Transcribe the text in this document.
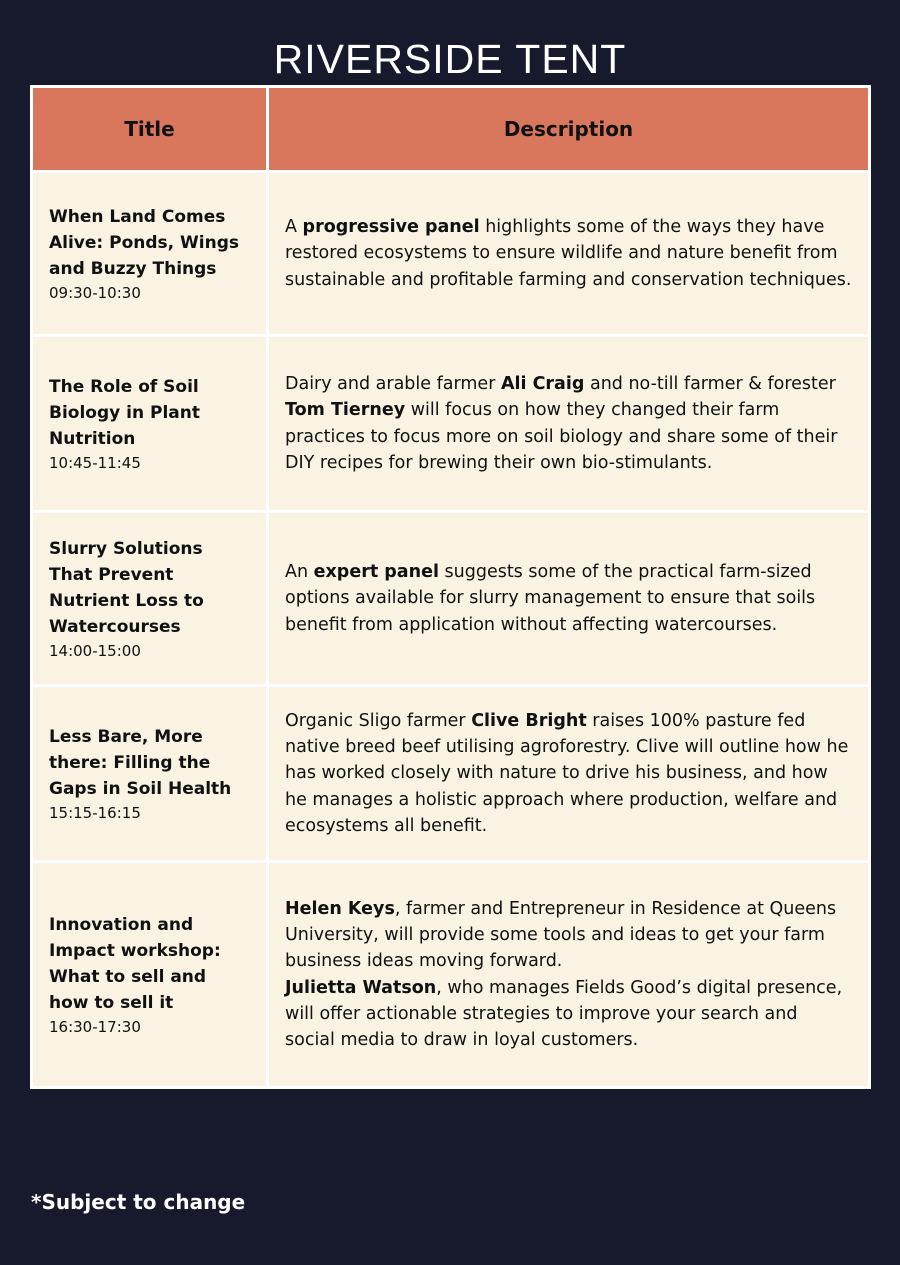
RIVERSIDE TENT
Title	Description

When Land Comes Alive: Ponds, Wings and Buzzy Things
09:30-10:30	A progressive panel highlights some of the ways they have restored ecosystems to ensure wildlife and nature benefit from sustainable and profitable farming and conservation techniques.

The Role of Soil Biology in Plant Nutrition
10:45-11:45	Dairy and arable farmer Ali Craig and no-till farmer & forester Tom Tierney will focus on how they changed their farm practices to focus more on soil biology and share some of their DIY recipes for brewing their own bio-stimulants.

Slurry Solutions That Prevent Nutrient Loss to Watercourses
14:00-15:00	An expert panel suggests some of the practical farm-sized options available for slurry management to ensure that soils benefit from application without affecting watercourses.

Less Bare, More there: Filling the Gaps in Soil Health
15:15-16:15	Organic Sligo farmer Clive Bright raises 100% pasture fed native breed beef utilising agroforestry. Clive will outline how he has worked closely with nature to drive his business, and how he manages a holistic approach where production, welfare and ecosystems all benefit.

Innovation and Impact workshop: What to sell and how to sell it
16:30-17:30	Helen Keys, farmer and Entrepreneur in Residence at Queens University, will provide some tools and ideas to get your farm business ideas moving forward.
Julietta Watson, who manages Fields Good’s digital presence, will offer actionable strategies to improve your search and social media to draw in loyal customers.
*Subject to change
